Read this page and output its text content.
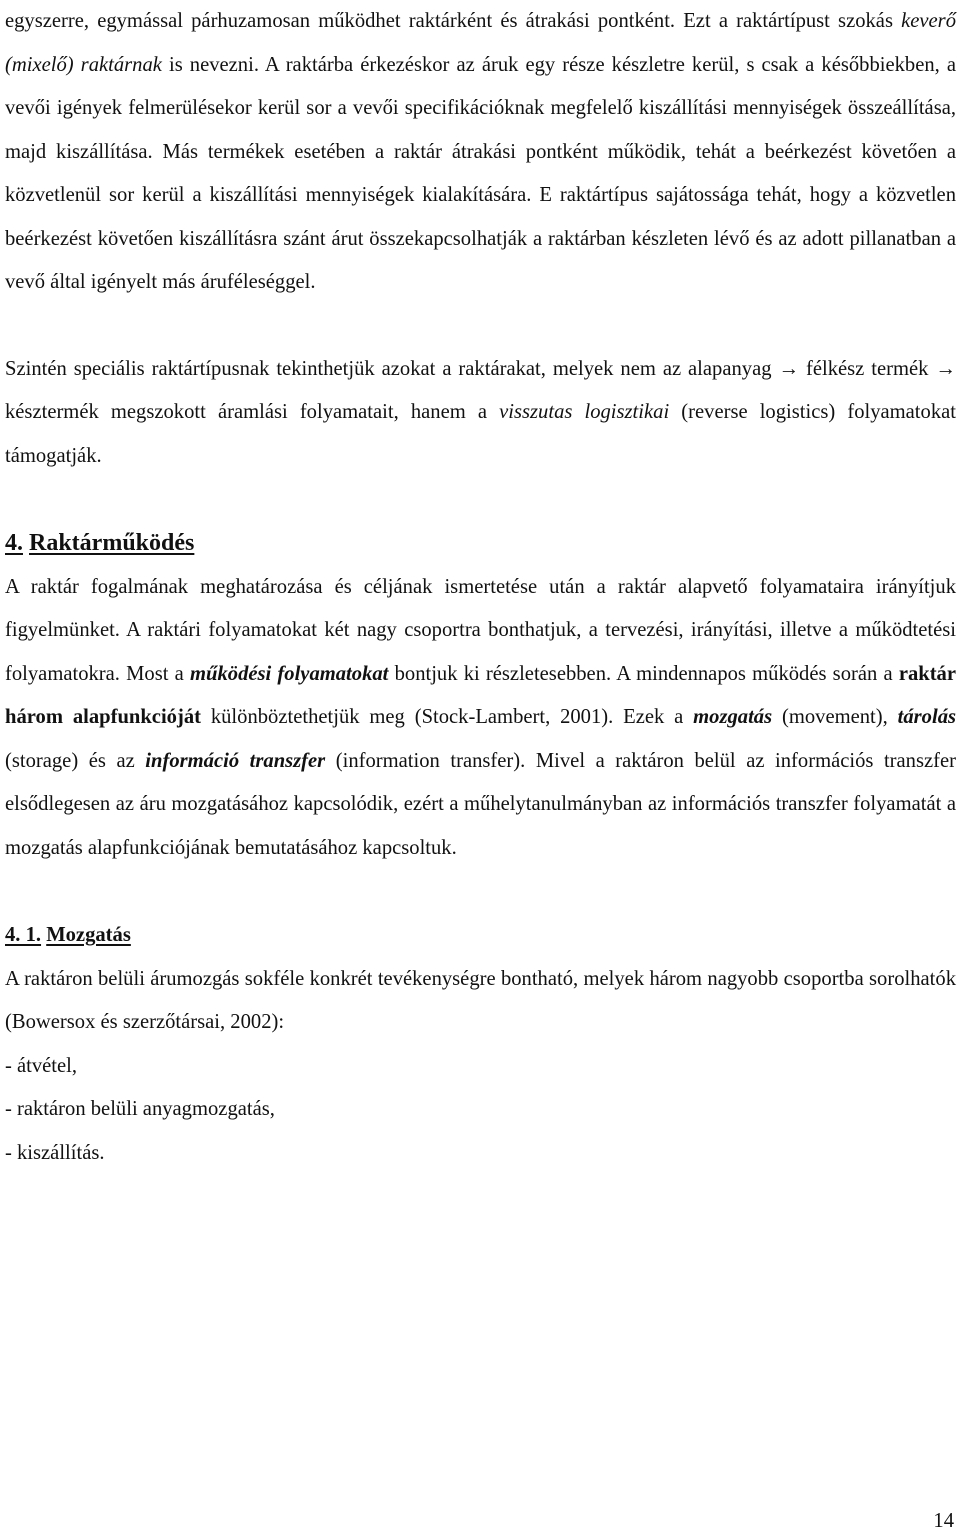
egyszerre, egymással párhuzamosan működhet raktárként és átrakási pontként. Ezt a raktártípust szokás keverő (mixelő) raktárnak is nevezni. A raktárba érkezéskor az áruk egy része készletre kerül, s csak a későbbiekben, a vevői igények felmerülésekor kerül sor a vevői specifikációknak megfelelő kiszállítási mennyiségek összeállítása, majd kiszállítása. Más termékek esetében a raktár átrakási pontként működik, tehát a beérkezést követően a közvetlenül sor kerül a kiszállítási mennyiségek kialakítására. E raktártípus sajátossága tehát, hogy a közvetlen beérkezést követően kiszállításra szánt árut összekapcsolhatják a raktárban készleten lévő és az adott pillanatban a vevő által igényelt más áruféleséggel.

Szintén speciális raktártípusnak tekinthetjük azokat a raktárakat, melyek nem az alapanyag → félkész termék → késztermék megszokott áramlási folyamatait, hanem a visszutas logisztikai (reverse logistics) folyamatokat támogatják.

4. Raktárműködés

A raktár fogalmának meghatározása és céljának ismertetése után a raktár alapvető folyamataira irányítjuk figyelmünket. A raktári folyamatokat két nagy csoportra bonthatjuk, a tervezési, irányítási, illetve a működtetési folyamatokra. Most a működési folyamatokat bontjuk ki részletesebben. A mindennapos működés során a raktár három alapfunkcióját különböztethetjük meg (Stock-Lambert, 2001). Ezek a mozgatás (movement), tárolás (storage) és az információ transzfer (information transfer). Mivel a raktáron belül az információs transzfer elsődlegesen az áru mozgatásához kapcsolódik, ezért a műhelytanulmányban az információs transzfer folyamatát a mozgatás alapfunkciójának bemutatásához kapcsoltuk.

4. 1. Mozgatás

A raktáron belüli árumozgás sokféle konkrét tevékenységre bontható, melyek három nagyobb csoportba sorolhatók (Bowersox és szerzőtársai, 2002):

- átvétel,

- raktáron belüli anyagmozgatás,

- kiszállítás.

14
